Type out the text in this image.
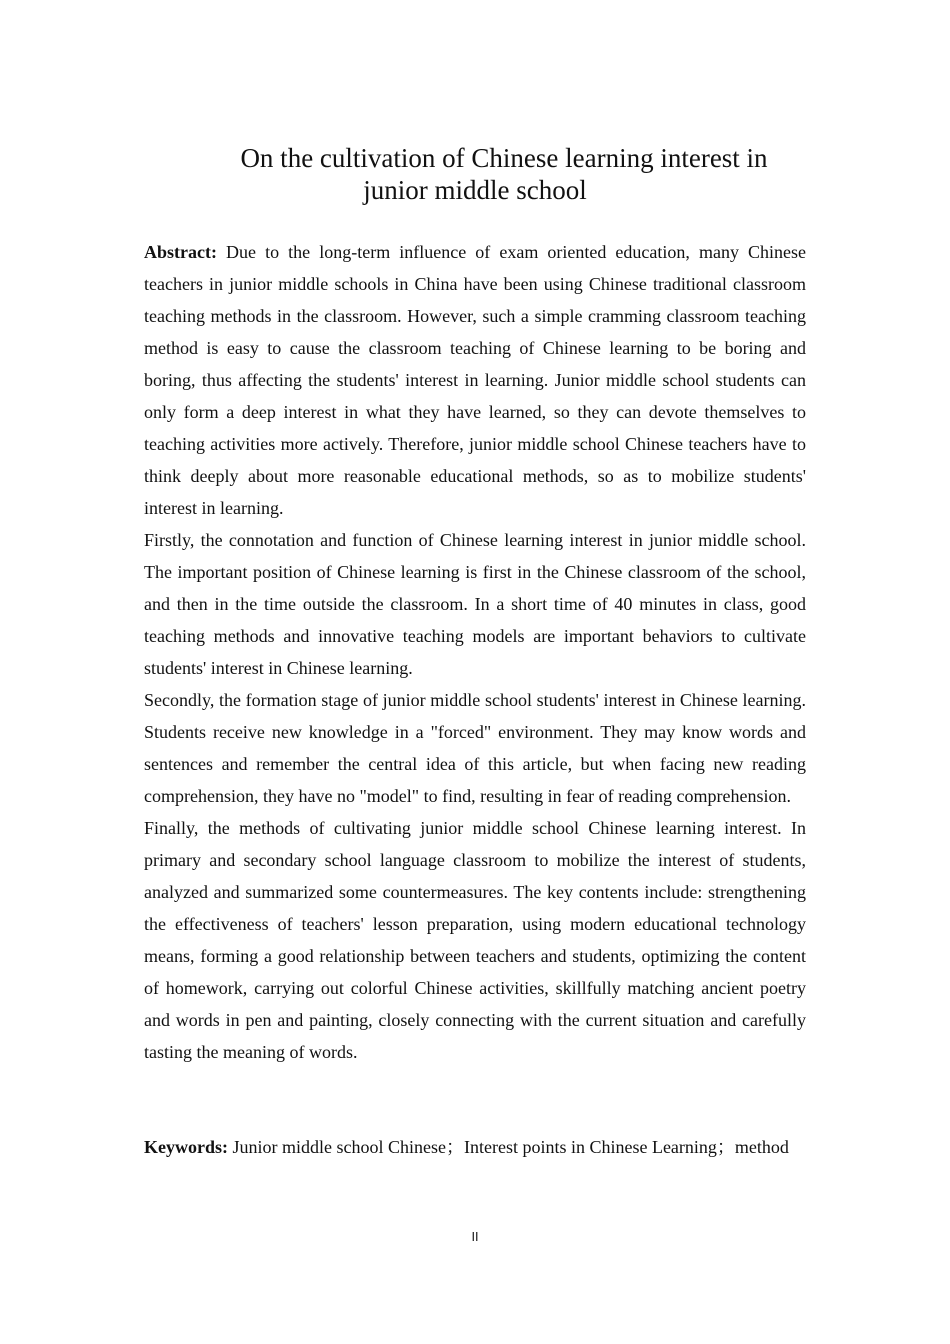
On the cultivation of Chinese learning interest in
junior middle school

Abstract: Due to the long-term influence of exam oriented education, many Chinese teachers in junior middle schools in China have been using Chinese traditional classroom teaching methods in the classroom. However, such a simple cramming classroom teaching method is easy to cause the classroom teaching of Chinese learning to be boring and boring, thus affecting the students' interest in learning. Junior middle school students can only form a deep interest in what they have learned, so they can devote themselves to teaching activities more actively. Therefore, junior middle school Chinese teachers have to think deeply about more reasonable educational methods, so as to mobilize students' interest in learning.

Firstly, the connotation and function of Chinese learning interest in junior middle school. The important position of Chinese learning is first in the Chinese classroom of the school, and then in the time outside the classroom. In a short time of 40 minutes in class, good teaching methods and innovative teaching models are important behaviors to cultivate students' interest in Chinese learning.

Secondly, the formation stage of junior middle school students' interest in Chinese learning. Students receive new knowledge in a "forced" environment. They may know words and sentences and remember the central idea of this article, but when facing new reading comprehension, they have no "model" to find, resulting in fear of reading comprehension.

Finally, the methods of cultivating junior middle school Chinese learning interest. In primary and secondary school language classroom to mobilize the interest of students, analyzed and summarized some countermeasures. The key contents include: strengthening the effectiveness of teachers' lesson preparation, using modern educational technology means, forming a good relationship between teachers and students, optimizing the content of homework, carrying out colorful Chinese activities, skillfully matching ancient poetry and words in pen and painting, closely connecting with the current situation and carefully tasting the meaning of words.

Keywords: Junior middle school Chinese；Interest points in Chinese Learning；method
II
